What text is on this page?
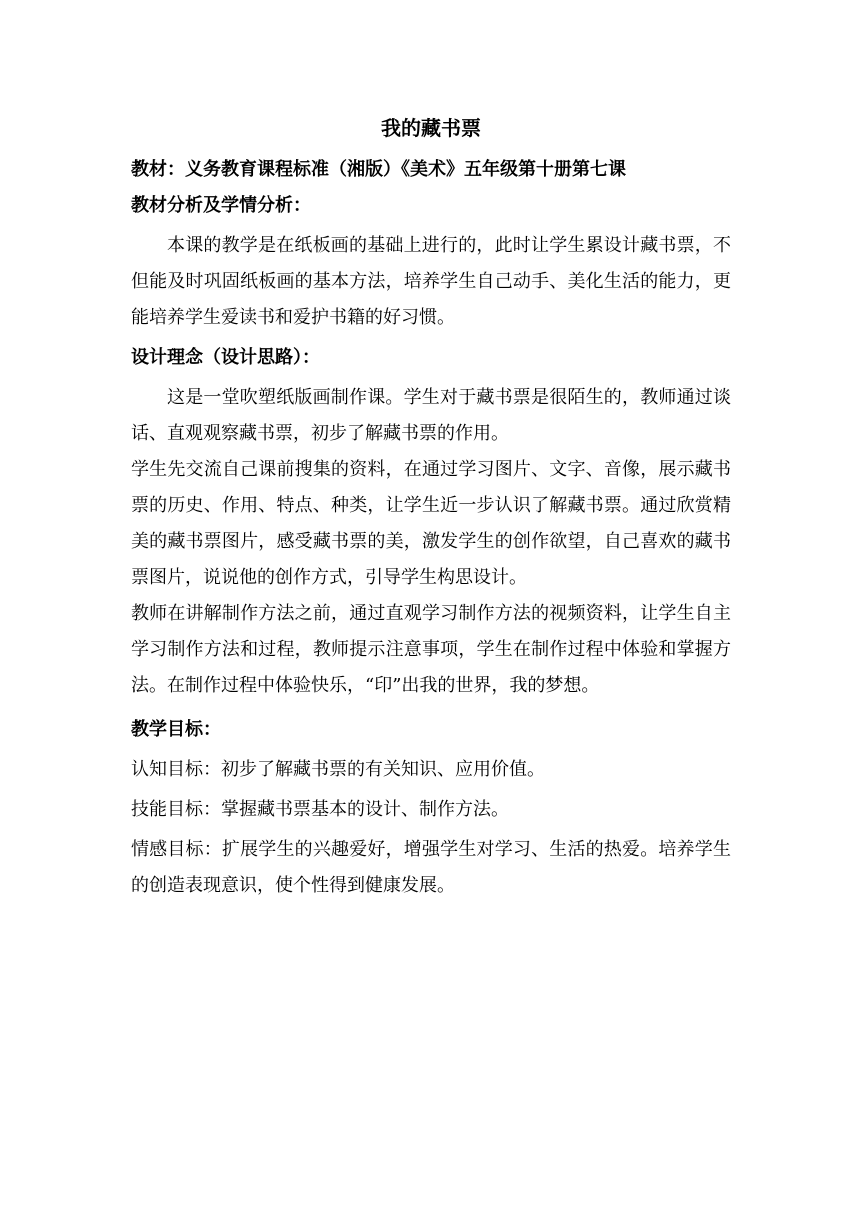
我的藏书票

教材：义务教育课程标准（湘版）《美术》五年级第十册第七课

教材分析及学情分析：

本课的教学是在纸板画的基础上进行的，此时让学生累设计藏书票，不但能及时巩固纸板画的基本方法，培养学生自己动手、美化生活的能力，更能培养学生爱读书和爱护书籍的好习惯。

设计理念（设计思路）：

这是一堂吹塑纸版画制作课。学生对于藏书票是很陌生的，教师通过谈话、直观观察藏书票，初步了解藏书票的作用。

学生先交流自己课前搜集的资料，在通过学习图片、文字、音像，展示藏书票的历史、作用、特点、种类，让学生近一步认识了解藏书票。通过欣赏精美的藏书票图片，感受藏书票的美，激发学生的创作欲望，自己喜欢的藏书票图片，说说他的创作方式，引导学生构思设计。

教师在讲解制作方法之前，通过直观学习制作方法的视频资料，让学生自主学习制作方法和过程，教师提示注意事项，学生在制作过程中体验和掌握方法。在制作过程中体验快乐，“印”出我的世界，我的梦想。

教学目标：

认知目标：初步了解藏书票的有关知识、应用价值。

技能目标：掌握藏书票基本的设计、制作方法。

情感目标：扩展学生的兴趣爱好，增强学生对学习、生活的热爱。培养学生的创造表现意识，使个性得到健康发展。
